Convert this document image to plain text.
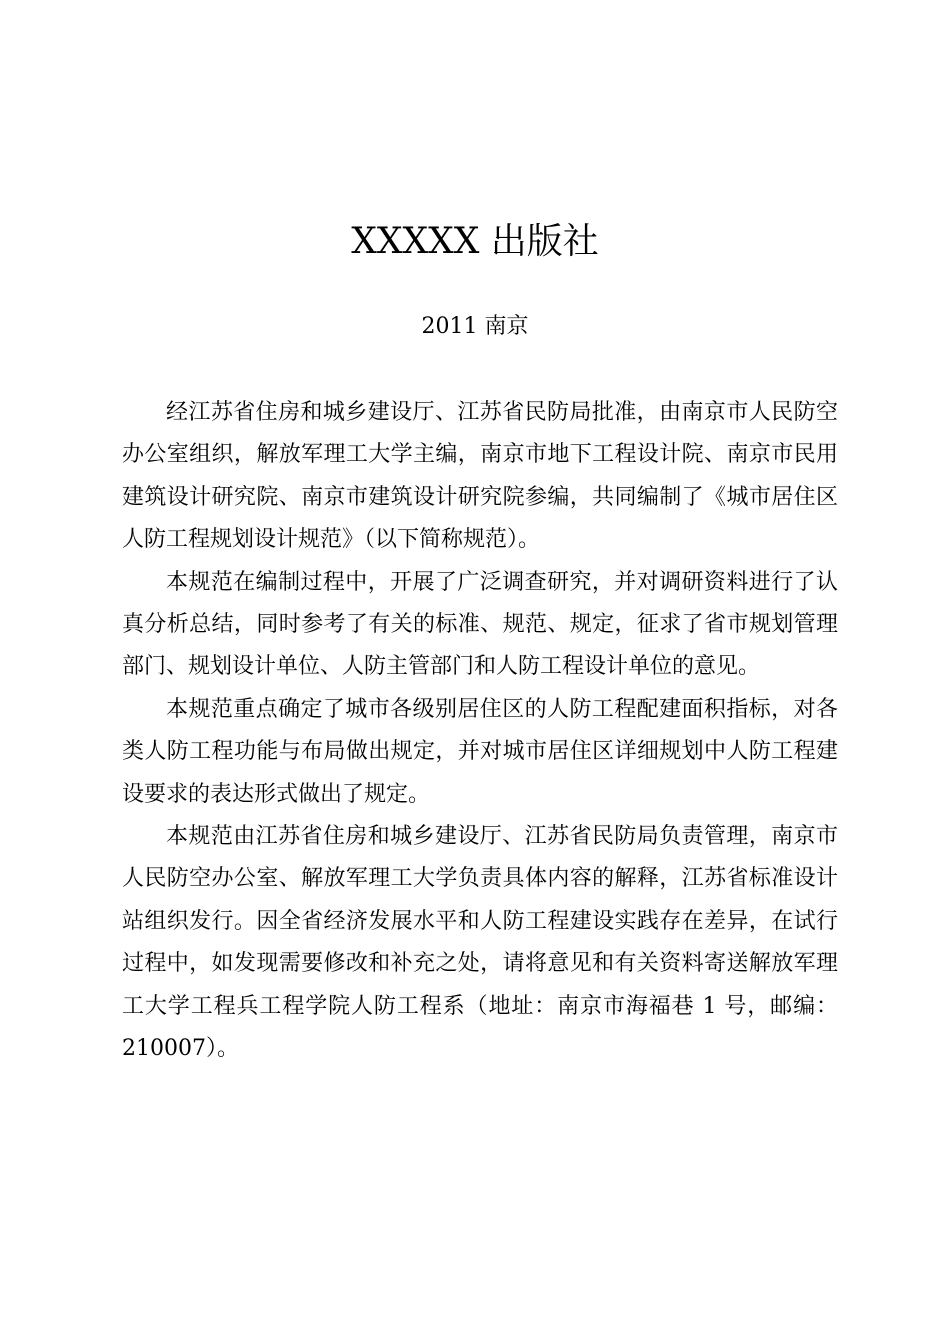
XXXXX 出版社
2011 南京

经江苏省住房和城乡建设厅、江苏省民防局批准，由南京市人民防空办公室组织，解放军理工大学主编，南京市地下工程设计院、南京市民用建筑设计研究院、南京市建筑设计研究院参编，共同编制了《城市居住区人防工程规划设计规范》（以下简称规范）。

本规范在编制过程中，开展了广泛调查研究，并对调研资料进行了认真分析总结，同时参考了有关的标准、规范、规定，征求了省市规划管理部门、规划设计单位、人防主管部门和人防工程设计单位的意见。

本规范重点确定了城市各级别居住区的人防工程配建面积指标，对各类人防工程功能与布局做出规定，并对城市居住区详细规划中人防工程建设要求的表达形式做出了规定。

本规范由江苏省住房和城乡建设厅、江苏省民防局负责管理，南京市人民防空办公室、解放军理工大学负责具体内容的解释，江苏省标准设计站组织发行。因全省经济发展水平和人防工程建设实践存在差异，在试行过程中，如发现需要修改和补充之处，请将意见和有关资料寄送解放军理工大学工程兵工程学院人防工程系（地址：南京市海福巷 1 号，邮编：210007）。
